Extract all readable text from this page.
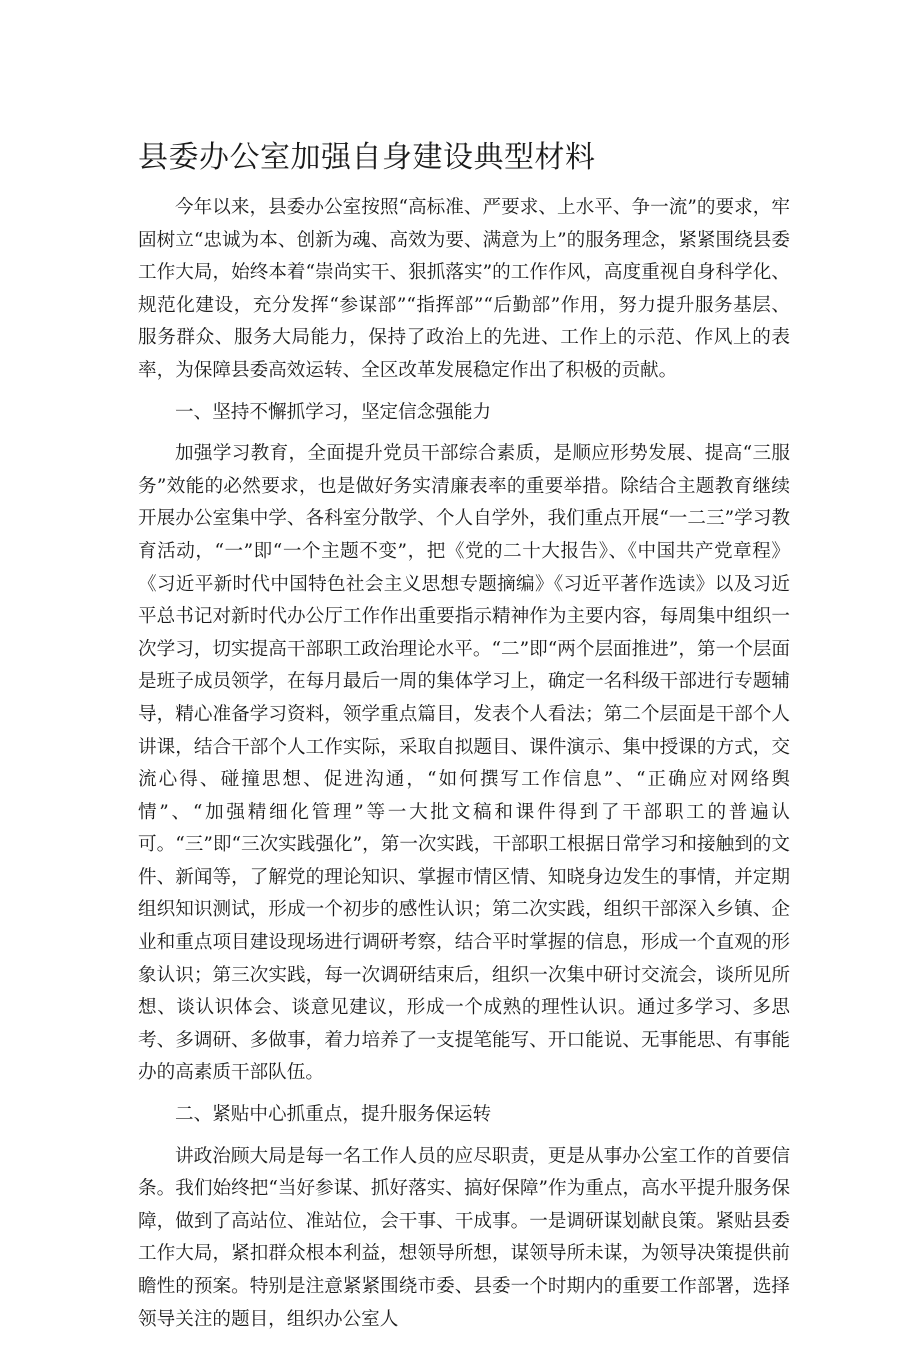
县委办公室加强自身建设典型材料

今年以来，县委办公室按照“高标准、严要求、上水平、争一流”的要求，牢固树立“忠诚为本、创新为魂、高效为要、满意为上”的服务理念，紧紧围绕县委工作大局，始终本着“崇尚实干、狠抓落实”的工作作风，高度重视自身科学化、规范化建设，充分发挥“参谋部”“指挥部”“后勤部”作用，努力提升服务基层、服务群众、服务大局能力，保持了政治上的先进、工作上的示范、作风上的表率，为保障县委高效运转、全区改革发展稳定作出了积极的贡献。

一、坚持不懈抓学习，坚定信念强能力

加强学习教育，全面提升党员干部综合素质，是顺应形势发展、提高“三服务”效能的必然要求，也是做好务实清廉表率的重要举措。除结合主题教育继续开展办公室集中学、各科室分散学、个人自学外，我们重点开展“一二三”学习教育活动，“一”即“一个主题不变”，把《党的二十大报告》、《中国共产党章程》《习近平新时代中国特色社会主义思想专题摘编》《习近平著作选读》以及习近平总书记对新时代办公厅工作作出重要指示精神作为主要内容，每周集中组织一次学习，切实提高干部职工政治理论水平。“二”即“两个层面推进”，第一个层面是班子成员领学，在每月最后一周的集体学习上，确定一名科级干部进行专题辅导，精心准备学习资料，领学重点篇目，发表个人看法；第二个层面是干部个人讲课，结合干部个人工作实际，采取自拟题目、课件演示、集中授课的方式，交流心得、碰撞思想、促进沟通，“如何撰写工作信息”、“正确应对网络舆情”、“加强精细化管理”等一大批文稿和课件得到了干部职工的普遍认可。“三”即“三次实践强化”，第一次实践，干部职工根据日常学习和接触到的文件、新闻等，了解党的理论知识、掌握市情区情、知晓身边发生的事情，并定期组织知识测试，形成一个初步的感性认识；第二次实践，组织干部深入乡镇、企业和重点项目建设现场进行调研考察，结合平时掌握的信息，形成一个直观的形象认识；第三次实践，每一次调研结束后，组织一次集中研讨交流会，谈所见所想、谈认识体会、谈意见建议，形成一个成熟的理性认识。通过多学习、多思考、多调研、多做事，着力培养了一支提笔能写、开口能说、无事能思、有事能办的高素质干部队伍。

二、紧贴中心抓重点，提升服务保运转

讲政治顾大局是每一名工作人员的应尽职责，更是从事办公室工作的首要信条。我们始终把“当好参谋、抓好落实、搞好保障”作为重点，高水平提升服务保障，做到了高站位、准站位，会干事、干成事。一是调研谋划献良策。紧贴县委工作大局，紧扣群众根本利益，想领导所想，谋领导所未谋，为领导决策提供前瞻性的预案。特别是注意紧紧围绕市委、县委一个时期内的重要工作部署，选择领导关注的题目，组织办公室人
